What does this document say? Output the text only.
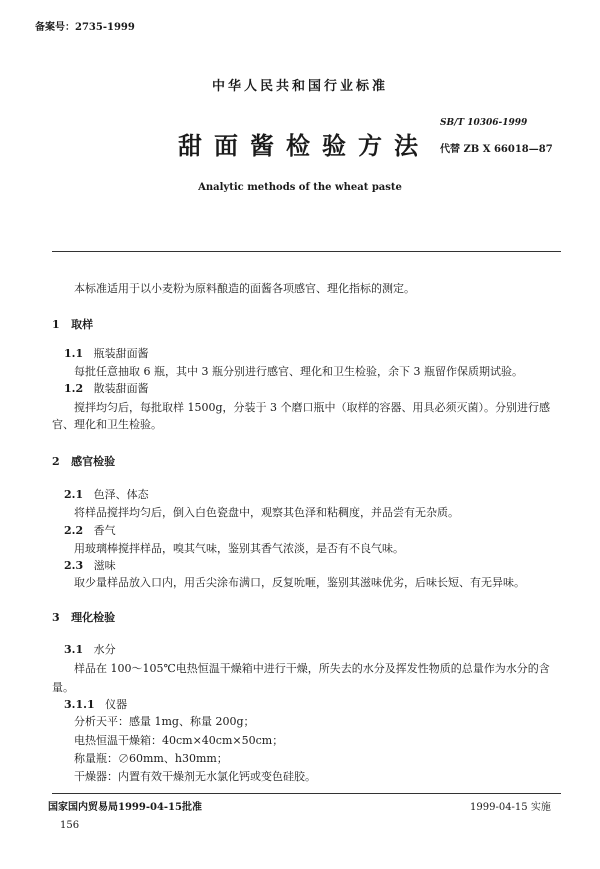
备案号：2735-1999
中华人民共和国行业标准
SB/T 10306-1999
甜面酱检验方法 代替 ZB X 66018—87
Analytic methods of the wheat paste
本标准适用于以小麦粉为原料酿造的面酱各项感官、理化指标的测定。
1 取样
1.1 瓶装甜面酱
每批任意抽取 6 瓶，其中 3 瓶分别进行感官、理化和卫生检验，余下 3 瓶留作保质期试验。
1.2 散装甜面酱
搅拌均匀后，每批取样 1500g，分装于 3 个磨口瓶中（取样的容器、用具必须灭菌）。分别进行感
官、理化和卫生检验。
2 感官检验
2.1 色泽、体态
将样品搅拌均匀后，倒入白色瓷盘中，观察其色泽和粘稠度，并品尝有无杂质。
2.2 香气
用玻璃棒搅拌样品，嗅其气味，鉴别其香气浓淡，是否有不良气味。
2.3 滋味
取少量样品放入口内，用舌尖涂布满口，反复吮咂，鉴别其滋味优劣，后味长短、有无异味。
3 理化检验
3.1 水分
样品在 100～105℃电热恒温干燥箱中进行干燥，所失去的水分及挥发性物质的总量作为水分的含
量。
3.1.1 仪器
分析天平：感量 1mg、称量 200g；
电热恒温干燥箱：40cm×40cm×50cm；
称量瓶：∅60mm、h30mm；
干燥器：内置有效干燥剂无水氯化钙或变色硅胶。
国家国内贸易局1999-04-15批准	1999-04-15 实施
156
